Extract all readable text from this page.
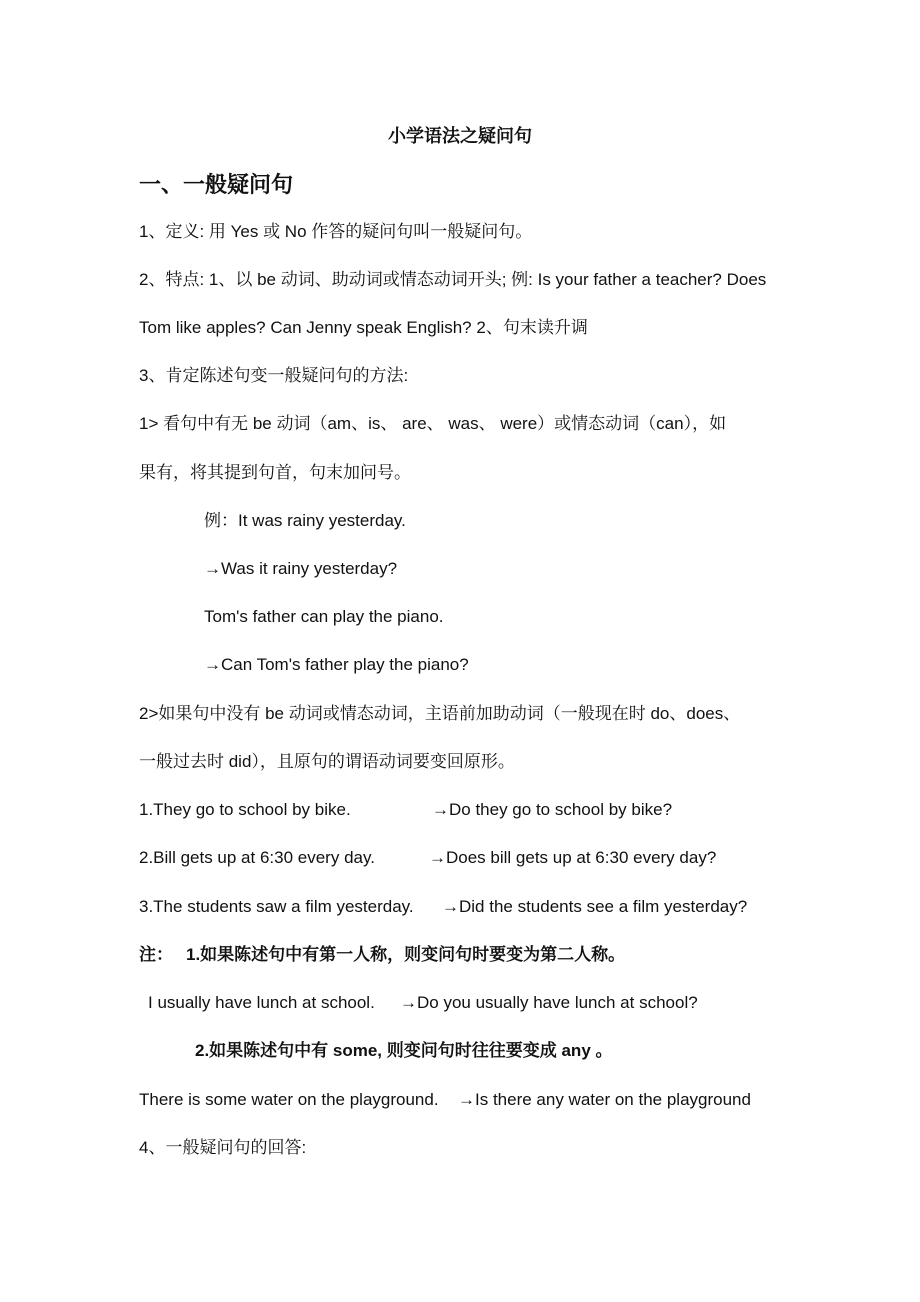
小学语法之疑问句
一、一般疑问句
1、定义: 用 Yes 或 No 作答的疑问句叫一般疑问句。
2、特点: 1、以 be 动词、助动词或情态动词开头; 例: Is your father a teacher? Does
Tom like apples? Can Jenny speak English? 2、句末读升调
3、肯定陈述句变一般疑问句的方法:
1> 看句中有无 be 动词（am、is、 are、 was、 were）或情态动词（can），如
果有，将其提到句首，句末加问号。
例：It was rainy yesterday.
→Was it rainy yesterday?
Tom's father can play the piano.
→Can Tom's father play the piano?
2>如果句中没有 be 动词或情态动词，主语前加助动词（一般现在时 do、does、
一般过去时 did），且原句的谓语动词要变回原形。
1.They go to school by bike.	→Do they go to school by bike?
2.Bill gets up at 6:30 every day.	→Does bill gets up at 6:30 every day?
3.The students saw a film yesterday. →Did the students see a film yesterday?
注： 1.如果陈述句中有第一人称，则变问句时要变为第二人称。
I usually have lunch at school. →Do you usually have lunch at school?
2.如果陈述句中有 some, 则变问句时往往要变成 any 。
There is some water on the playground. →Is there any water on the playground
4、一般疑问句的回答:
